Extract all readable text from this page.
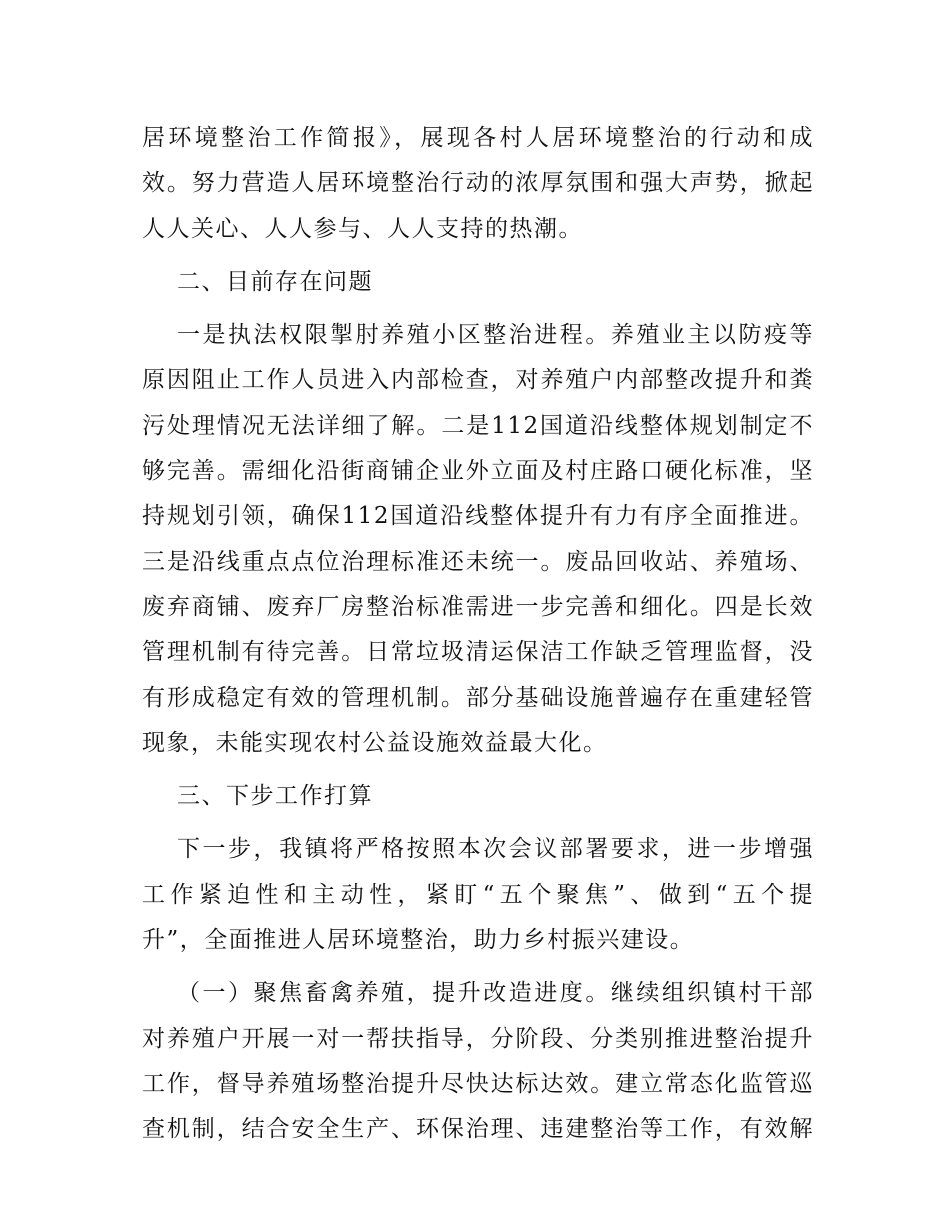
居环境整治工作简报》，展现各村人居环境整治的行动和成
效。努力营造人居环境整治行动的浓厚氛围和强大声势，掀起
人人关心、人人参与、人人支持的热潮。
二、目前存在问题
一是执法权限掣肘养殖小区整治进程。养殖业主以防疫等
原因阻止工作人员进入内部检查，对养殖户内部整改提升和粪
污处理情况无法详细了解。二是112国道沿线整体规划制定不
够完善。需细化沿街商铺企业外立面及村庄路口硬化标准，坚
持规划引领，确保112国道沿线整体提升有力有序全面推进。
三是沿线重点点位治理标准还未统一。废品回收站、养殖场、
废弃商铺、废弃厂房整治标准需进一步完善和细化。四是长效
管理机制有待完善。日常垃圾清运保洁工作缺乏管理监督，没
有形成稳定有效的管理机制。部分基础设施普遍存在重建轻管
现象，未能实现农村公益设施效益最大化。
三、下步工作打算
下一步，我镇将严格按照本次会议部署要求，进一步增强
工作紧迫性和主动性，紧盯“五个聚焦”、做到“五个提
升”，全面推进人居环境整治，助力乡村振兴建设。
（一）聚焦畜禽养殖，提升改造进度。继续组织镇村干部
对养殖户开展一对一帮扶指导，分阶段、分类别推进整治提升
工作，督导养殖场整治提升尽快达标达效。建立常态化监管巡
查机制，结合安全生产、环保治理、违建整治等工作，有效解
